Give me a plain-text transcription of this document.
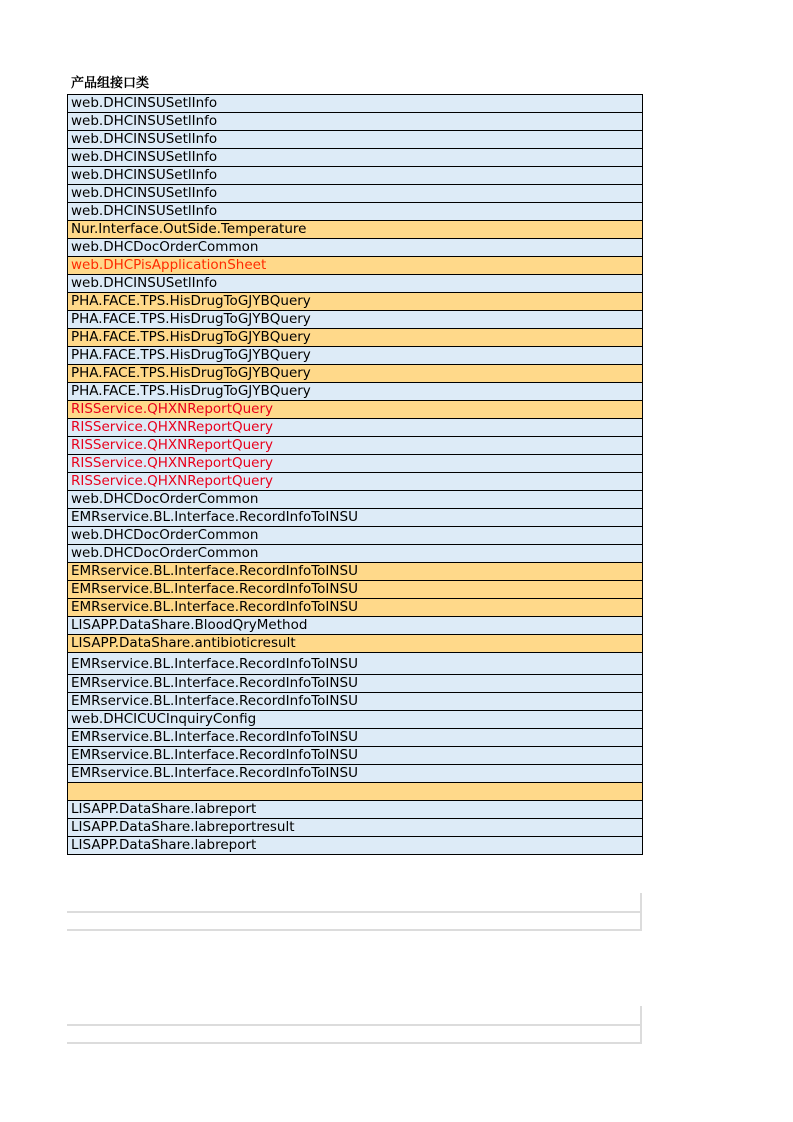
产品组接口类
web.DHCINSUSetlInfo
web.DHCINSUSetlInfo
web.DHCINSUSetlInfo
web.DHCINSUSetlInfo
web.DHCINSUSetlInfo
web.DHCINSUSetlInfo
web.DHCINSUSetlInfo
Nur.Interface.OutSide.Temperature
web.DHCDocOrderCommon
web.DHCPisApplicationSheet
web.DHCINSUSetlInfo
PHA.FACE.TPS.HisDrugToGJYBQuery
PHA.FACE.TPS.HisDrugToGJYBQuery
PHA.FACE.TPS.HisDrugToGJYBQuery
PHA.FACE.TPS.HisDrugToGJYBQuery
PHA.FACE.TPS.HisDrugToGJYBQuery
PHA.FACE.TPS.HisDrugToGJYBQuery
RISService.QHXNReportQuery
RISService.QHXNReportQuery
RISService.QHXNReportQuery
RISService.QHXNReportQuery
RISService.QHXNReportQuery
web.DHCDocOrderCommon
EMRservice.BL.Interface.RecordInfoToINSU
web.DHCDocOrderCommon
web.DHCDocOrderCommon
EMRservice.BL.Interface.RecordInfoToINSU
EMRservice.BL.Interface.RecordInfoToINSU
EMRservice.BL.Interface.RecordInfoToINSU
LISAPP.DataShare.BloodQryMethod
LISAPP.DataShare.antibioticresult
EMRservice.BL.Interface.RecordInfoToINSU
EMRservice.BL.Interface.RecordInfoToINSU
EMRservice.BL.Interface.RecordInfoToINSU
web.DHCICUCInquiryConfig
EMRservice.BL.Interface.RecordInfoToINSU
EMRservice.BL.Interface.RecordInfoToINSU
EMRservice.BL.Interface.RecordInfoToINSU
LISAPP.DataShare.labreport
LISAPP.DataShare.labreportresult
LISAPP.DataShare.labreport
